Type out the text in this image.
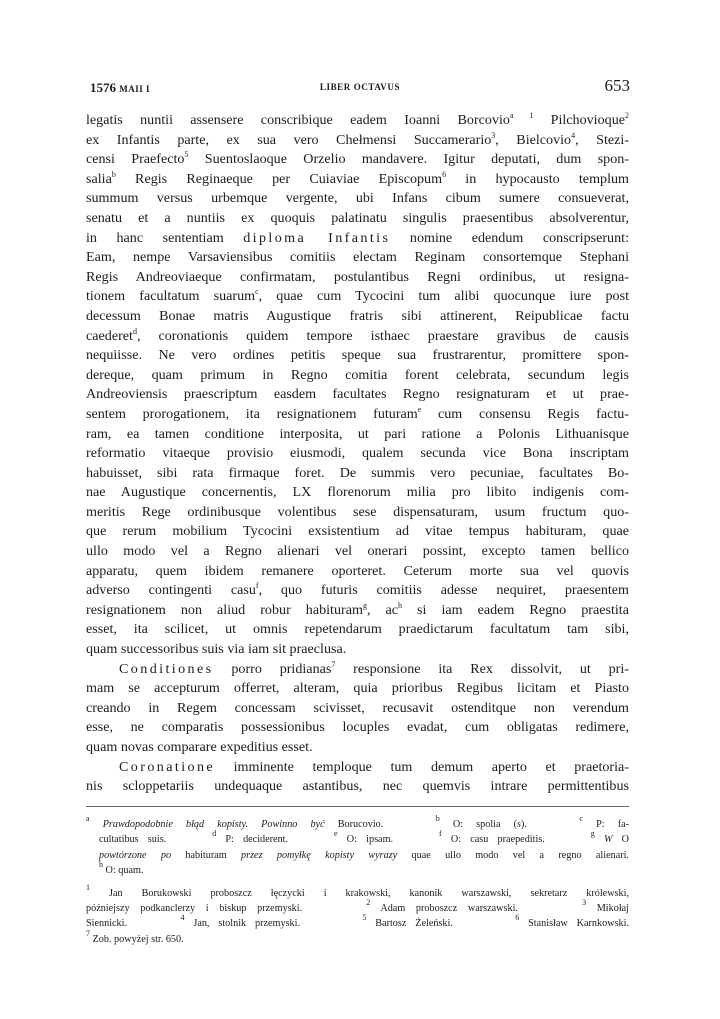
1576 MAII I	LIBER OCTAVUS	653
legatis nuntii assensere conscribique eadem Ioanni Borcovio$^{a 1}$ Pilchovioque$^2$
ex Infantis parte, ex sua vero Chełmensi Succamerario$^3$, Bielcovio$^4$, Stezi-
censi Praefecto$^5$ Suentoslaoque Orzelio mandavere. Igitur deputati, dum spon-
salia$^b$ Regis Reginaeque per Cuiaviae Episcopum$^6$ in hypocausto templum
summum versus urbemque vergente, ubi Infans cibum sumere consueverat,
senatu et a nuntiis ex quoquis palatinatu singulis praesentibus absolverentur,
in hanc sententiam diploma Infantis nomine edendum conscripserunt:
Eam, nempe Varsaviensibus comitiis electam Reginam consortemque Stephani
Regis Andreoviaeque confirmatam, postulantibus Regni ordinibus, ut resigna-
tionem facultatum suarum$^c$, quae cum Tycocini tum alibi quocunque iure post
decessum Bonae matris Augustique fratris sibi attinerent, Reipublicae factu
caederet$^d$, coronationis quidem tempore isthaec praestare gravibus de causis
nequiisse. Ne vero ordines petitis speque sua frustrarentur, promittere spon-
dereque, quam primum in Regno comitia forent celebrata, secundum legis
Andreoviensis praescriptum easdem facultates Regno resignaturam et ut prae-
sentem prorogationem, ita resignationem futuram$^e$ cum consensu Regis factu-
ram, ea tamen conditione interposita, ut pari ratione a Polonis Lithuanisque
reformatio vitaeque provisio eiusmodi, qualem secunda vice Bona inscriptam
habuisset, sibi rata firmaque foret. De summis vero pecuniae, facultates Bo-
nae Augustique concernentis, LX florenorum milia pro libito indigenis com-
meritis Rege ordinibusque volentibus sese dispensaturam, usum fructum quo-
que rerum mobilium Tycocini exsistentium ad vitae tempus habituram, quae
ullo modo vel a Regno alienari vel onerari possint, excepto tamen bellico
apparatu, quem ibidem remanere oporteret. Ceterum morte sua vel quovis
adverso contingenti casu$^f$, quo futuris comitiis adesse nequiret, praesentem
resignationem non aliud robur habituram$^g$, $ac^h$ si iam eadem Regno praestita
esset, ita scilicet, ut omnis repetendarum praedictarum facultatum tam sibi,
quam successoribus suis via iam sit praeclusa.
Conditiones porro pridianas$^7$ responsione ita Rex dissolvit, ut pri-
mam se accepturum offerret, alteram, quia prioribus Regibus licitam et Piasto
creando in Regem concessam scivisset, recusavit ostenditque non verendum
esse, ne comparatis possessionibus locuples evadat, cum obligatas redimere,
quam novas comparare expeditius esset.
Coronatione imminente temploque tum demum aperto et praetoria-
nis scloppetariis undequaque astantibus, nec quemvis intrare permittentibus
$^a$ Prawdopodobnie błąd kopisty. Powinno być Borucovio.    $^b$ O: spolia (s).    $^c$ P: fa-
cultatibus suis.     $^d$ P: deciderent.     $^e$ O: ipsam.     $^f$ O: casu praepeditis.     $^g$ W O
powtórzone po habituram przez pomyłkę kopisty wyrazy quae ullo modo vel a regno alienari.
$^h$ O: quam.
$^1$ Jan Borukowski proboszcz łęczycki i krakowski, kanonik warszawski, sekretarz królewski,
późniejszy podkanclerzy i biskup przemyski.      $^2$ Adam proboszcz warszawski.      $^3$ Mikołaj
Siennicki.      $^4$ Jan, stolnik przemyski.       $^5$ Bartosz Żeleński.       $^6$ Stanisław Karnkowski.
$^7$ Zob. powyżej str. 650.
